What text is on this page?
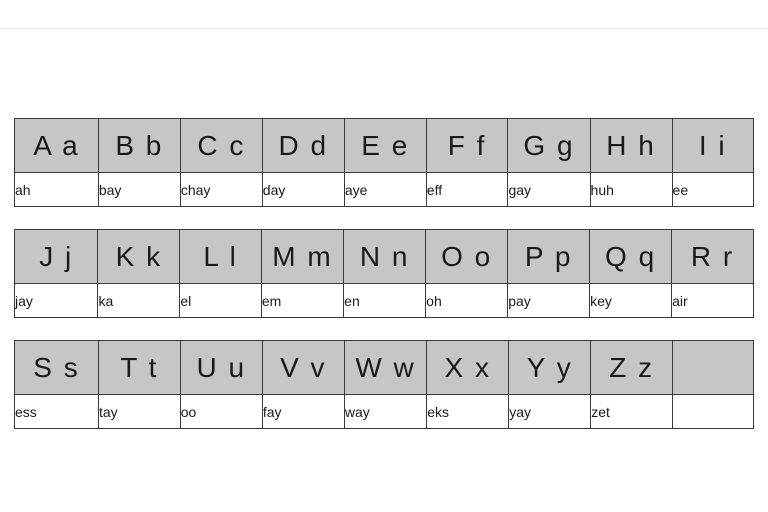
A a	B b	C c	D d	E e	F f	G g	H h	I i
ah	bay	chay	day	aye	eff	gay	huh	ee
J j	K k	L l	M m	N n	O o	P p	Q q	R r
jay	ka	el	em	en	oh	pay	key	air
S s	T t	U u	V v	W w	X x	Y y	Z z	
ess	tay	oo	fay	way	eks	yay	zet	
